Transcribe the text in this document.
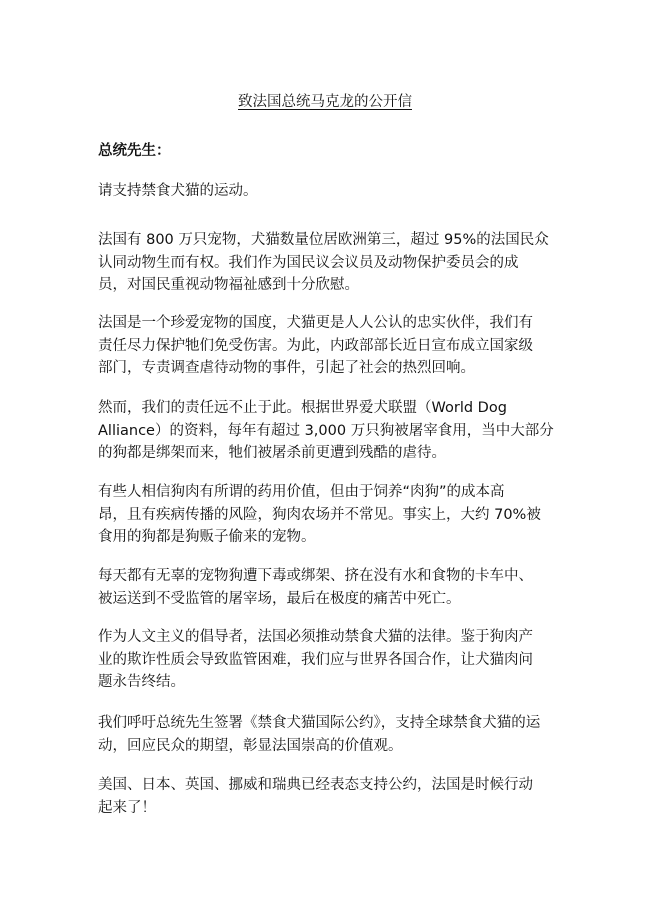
致法国总统马克龙的公开信
总统先生：
请支持禁食犬猫的运动。
法国有 800 万只宠物，犬猫数量位居欧洲第三，超过 95%的法国民众
认同动物生而有权。我们作为国民议会议员及动物保护委员会的成
员，对国民重视动物福祉感到十分欣慰。
法国是一个珍爱宠物的国度，犬猫更是人人公认的忠实伙伴，我们有
责任尽力保护牠们免受伤害。为此，内政部部长近日宣布成立国家级
部门，专责调查虐待动物的事件，引起了社会的热烈回响。
然而，我们的责任远不止于此。根据世界爱犬联盟（World Dog
Alliance）的资料，每年有超过 3,000 万只狗被屠宰食用，当中大部分
的狗都是绑架而来，牠们被屠杀前更遭到残酷的虐待。
有些人相信狗肉有所谓的药用价值，但由于饲养“肉狗”的成本高
昂，且有疾病传播的风险，狗肉农场并不常见。事实上，大约 70%被
食用的狗都是狗贩子偷来的宠物。
每天都有无辜的宠物狗遭下毒或绑架、挤在没有水和食物的卡车中、
被运送到不受监管的屠宰场，最后在极度的痛苦中死亡。
作为人文主义的倡导者，法国必须推动禁食犬猫的法律。鉴于狗肉产
业的欺诈性质会导致监管困难，我们应与世界各国合作，让犬猫肉问
题永告终结。
我们呼吁总统先生签署《禁食犬猫国际公约》，支持全球禁食犬猫的运
动，回应民众的期望，彰显法国崇高的价值观。
美国、日本、英国、挪威和瑞典已经表态支持公约，法国是时候行动
起来了！
